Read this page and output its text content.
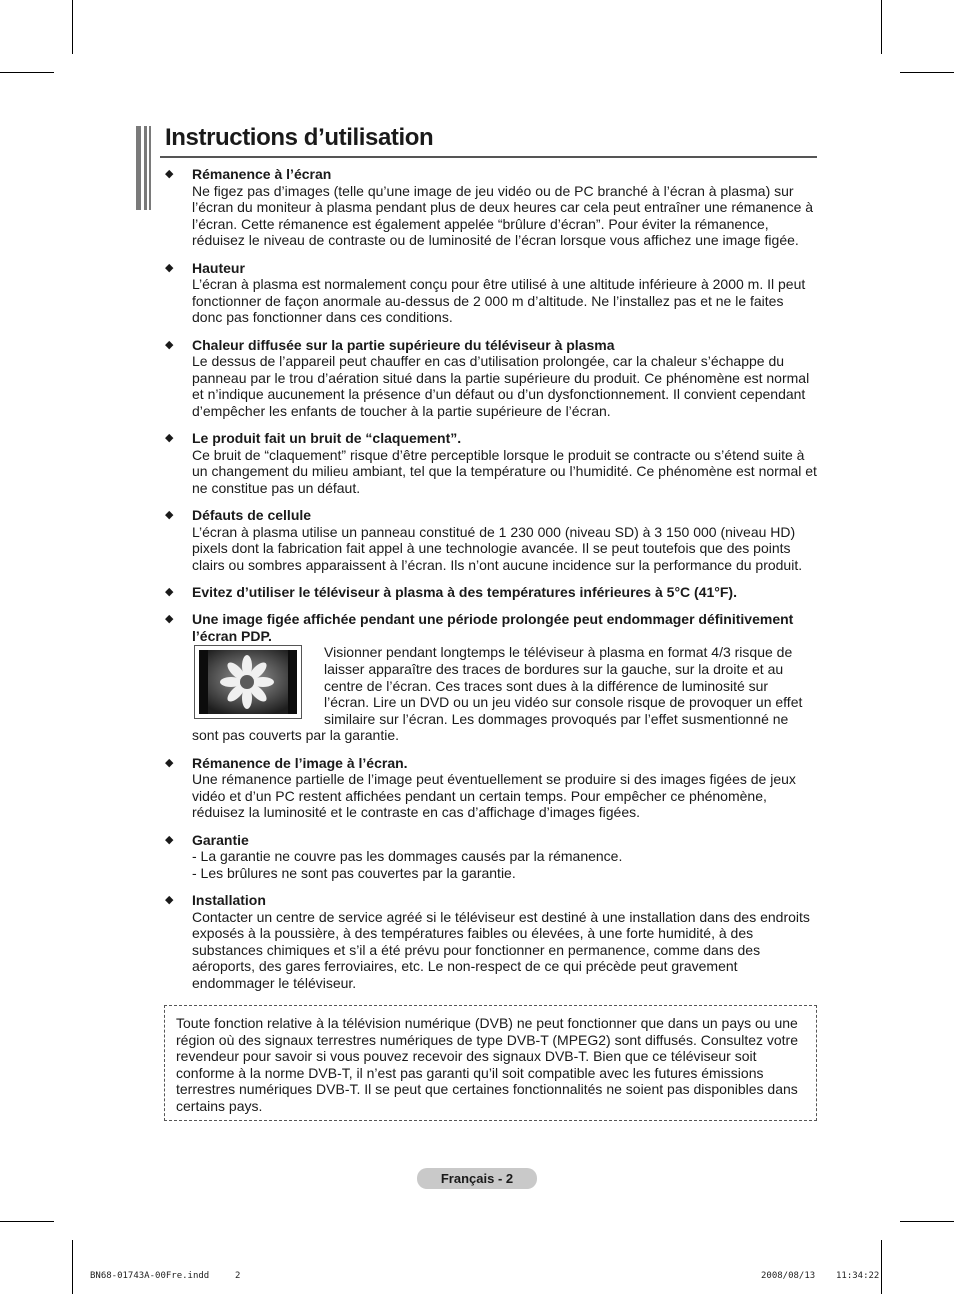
Instructions d’utilisation
◆ Rémanence à l’écran
Ne figez pas d’images (telle qu’une image de jeu vidéo ou de PC branché à l’écran à plasma) sur l’écran du moniteur à plasma pendant plus de deux heures car cela peut entraîner une rémanence à l’écran. Cette rémanence est également appelée “brûlure d’écran”. Pour éviter la rémanence, réduisez le niveau de contraste ou de luminosité de l’écran lorsque vous affichez une image figée.
◆ Hauteur
L’écran à plasma est normalement conçu pour être utilisé à une altitude inférieure à 2000 m. Il peut fonctionner de façon anormale au-dessus de 2 000 m d’altitude. Ne l’installez pas et ne le faites donc pas fonctionner dans ces conditions.
◆ Chaleur diffusée sur la partie supérieure du téléviseur à plasma
Le dessus de l’appareil peut chauffer en cas d’utilisation prolongée, car la chaleur s’échappe du panneau par le trou d’aération situé dans la partie supérieure du produit. Ce phénomène est normal et n’indique aucunement la présence d’un défaut ou d’un dysfonctionnement. Il convient cependant d’empêcher les enfants de toucher à la partie supérieure de l’écran.
◆ Le produit fait un bruit de “claquement”.
Ce bruit de “claquement” risque d’être perceptible lorsque le produit se contracte ou s’étend suite à un changement du milieu ambiant, tel que la température ou l’humidité. Ce phénomène est normal et ne constitue pas un défaut.
◆ Défauts de cellule
L’écran à plasma utilise un panneau constitué de 1 230 000 (niveau SD) à 3 150 000 (niveau HD) pixels dont la fabrication fait appel à une technologie avancée. Il se peut toutefois que des points clairs ou sombres apparaissent à l’écran. Ils n’ont aucune incidence sur la performance du produit.
◆ Evitez d’utiliser le téléviseur à plasma à des températures inférieures à 5°C (41°F).
◆ Une image figée affichée pendant une période prolongée peut endommager définitivement l’écran PDP.
Visionner pendant longtemps le téléviseur à plasma en format 4/3 risque de laisser apparaître des traces de bordures sur la gauche, sur la droite et au centre de l’écran. Ces traces sont dues à la différence de luminosité sur l’écran. Lire un DVD ou un jeu vidéo sur console risque de provoquer un effet similaire sur l’écran. Les dommages provoqués par l’effet susmentionné ne sont pas couverts par la garantie.
◆ Rémanence de l’image à l’écran.
Une rémanence partielle de l’image peut éventuellement se produire si des images figées de jeux vidéo et d’un PC restent affichées pendant un certain temps. Pour empêcher ce phénomène, réduisez la luminosité et le contraste en cas d’affichage d’images figées.
◆ Garantie
- La garantie ne couvre pas les dommages causés par la rémanence.
- Les brûlures ne sont pas couvertes par la garantie.
◆ Installation
Contacter un centre de service agréé si le téléviseur est destiné à une installation dans des endroits exposés à la poussière, à des températures faibles ou élevées, à une forte humidité, à des substances chimiques et s’il a été prévu pour fonctionner en permanence, comme dans des aéroports, des gares ferroviaires, etc. Le non-respect de ce qui précède peut gravement endommager le téléviseur.
Toute fonction relative à la télévision numérique (DVB) ne peut fonctionner que dans un pays ou une région où des signaux terrestres numériques de type DVB-T (MPEG2) sont diffusés. Consultez votre revendeur pour savoir si vous pouvez recevoir des signaux DVB-T. Bien que ce téléviseur soit conforme à la norme DVB-T, il n’est pas garanti qu’il soit compatible avec les futures émissions terrestres numériques DVB-T. Il se peut que certaines fonctionnalités ne soient pas disponibles dans certains pays.
Français - 2
BN68-01743A-00Fre.indd	2	2008/08/13 11:34:22
